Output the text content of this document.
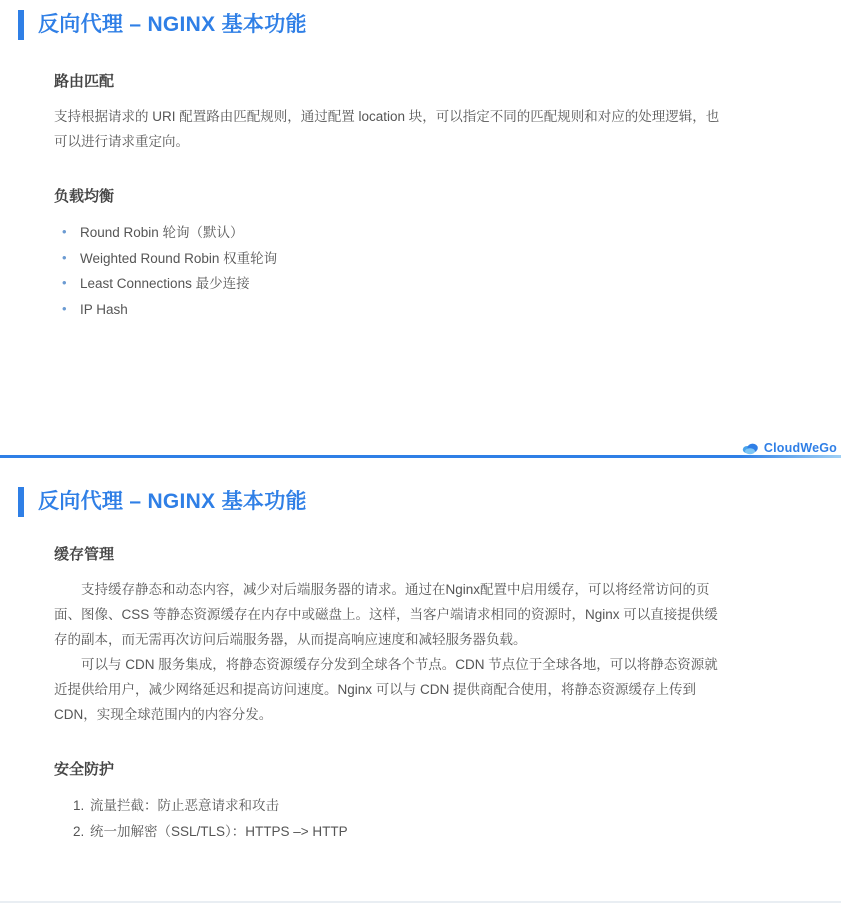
反向代理 – NGINX 基本功能
路由匹配
支持根据请求的 URI 配置路由匹配规则，通过配置 location 块，可以指定不同的匹配规则和对应的处理逻辑，也可以进行请求重定向。
负载均衡
• Round Robin 轮询（默认）
• Weighted Round Robin 权重轮询
• Least Connections 最少连接
• IP Hash
CloudWeGo
反向代理 – NGINX 基本功能
缓存管理
支持缓存静态和动态内容，减少对后端服务器的请求。通过在Nginx配置中启用缓存，可以将经常访问的页面、图像、CSS 等静态资源缓存在内存中或磁盘上。这样，当客户端请求相同的资源时，Nginx 可以直接提供缓存的副本，而无需再次访问后端服务器，从而提高响应速度和减轻服务器负载。
可以与 CDN 服务集成，将静态资源缓存分发到全球各个节点。CDN 节点位于全球各地，可以将静态资源就近提供给用户，减少网络延迟和提高访问速度。Nginx 可以与 CDN 提供商配合使用，将静态资源缓存上传到 CDN，实现全球范围内的内容分发。
安全防护
1. 流量拦截：防止恶意请求和攻击
2. 统一加解密（SSL/TLS）：HTTPS –> HTTP
